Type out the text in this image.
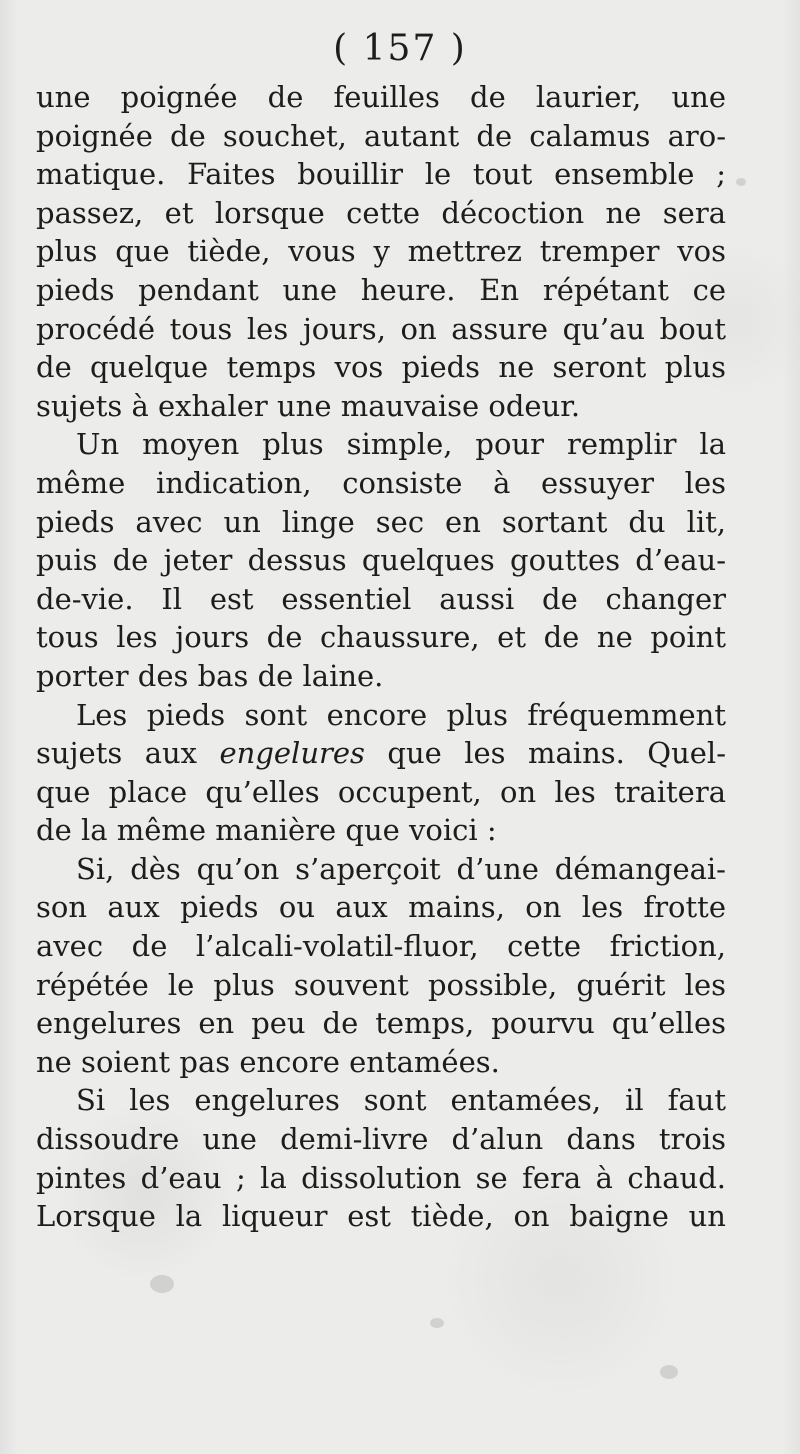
( 157 )
une poignée de feuilles de laurier, une
poignée de souchet, autant de calamus aro-
matique. Faites bouillir le tout ensemble ;
passez, et lorsque cette décoction ne sera
plus que tiède, vous y mettrez tremper vos
pieds pendant une heure. En répétant ce
procédé tous les jours, on assure qu’au bout
de quelque temps vos pieds ne seront plus
sujets à exhaler une mauvaise odeur.
Un moyen plus simple, pour remplir la
même indication, consiste à essuyer les
pieds avec un linge sec en sortant du lit,
puis de jeter dessus quelques gouttes d’eau-
de-vie. Il est essentiel aussi de changer
tous les jours de chaussure, et de ne point
porter des bas de laine.
Les pieds sont encore plus fréquemment
sujets aux engelures que les mains. Quel-
que place qu’elles occupent, on les traitera
de la même manière que voici :
Si, dès qu’on s’aperçoit d’une démangeai-
son aux pieds ou aux mains, on les frotte
avec de l’alcali-volatil-fluor, cette friction,
répétée le plus souvent possible, guérit les
engelures en peu de temps, pourvu qu’elles
ne soient pas encore entamées.
Si les engelures sont entamées, il faut
dissoudre une demi-livre d’alun dans trois
pintes d’eau ; la dissolution se fera à chaud.
Lorsque la liqueur est tiède, on baigne un
